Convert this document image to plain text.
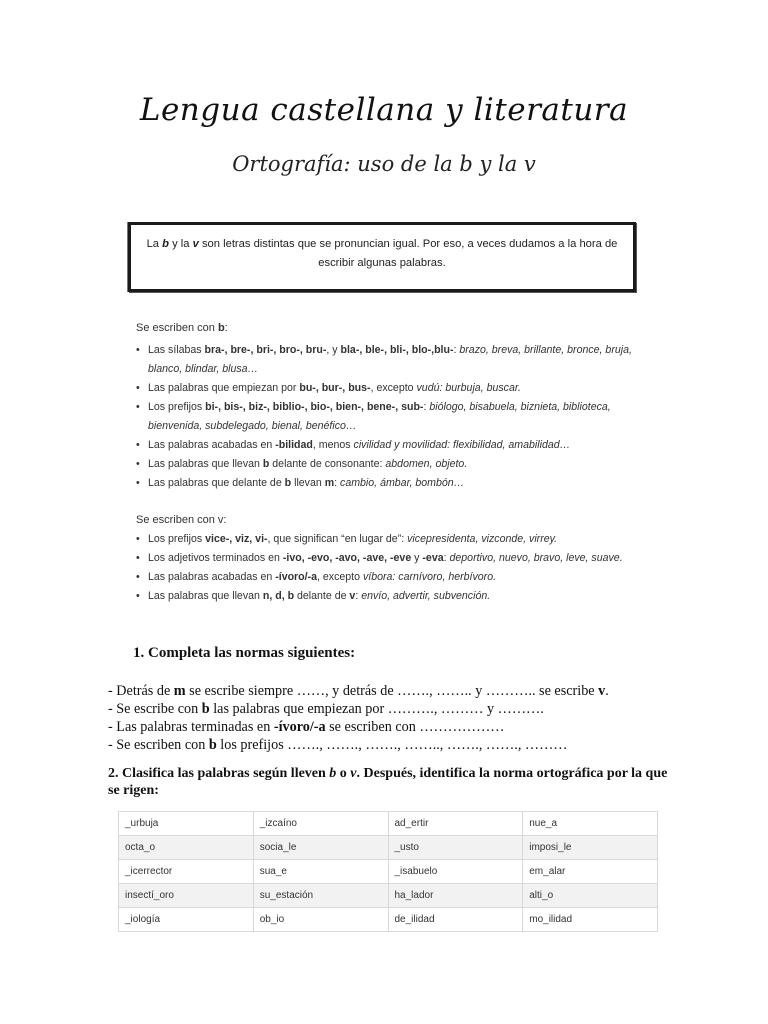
Lengua castellana y literatura
Ortografía: uso de la b y la v
La b y la v son letras distintas que se pronuncian igual. Por eso, a veces dudamos a la hora de escribir algunas palabras.
Se escriben con b:
• Las sílabas bra-, bre-, bri-, bro-, bru-, y bla-, ble-, bli-, blo-,blu-: brazo, breva, brillante, bronce, bruja, blanco, blindar, blusa…
• Las palabras que empiezan por bu-, bur-, bus-, excepto vudú: burbuja, buscar.
• Los prefijos bi-, bis-, biz-, biblio-, bio-, bien-, bene-, sub-: biólogo, bisabuela, biznieta, biblioteca, bienvenida, subdelegado, bienal, benéfico…
• Las palabras acabadas en -bilidad, menos civilidad y movilidad: flexibilidad, amabilidad…
• Las palabras que llevan b delante de consonante: abdomen, objeto.
• Las palabras que delante de b llevan m: cambio, ámbar, bombón…
Se escriben con v:
• Los prefijos vice-, viz, vi-, que significan “en lugar de”: vicepresidenta, vizconde, virrey.
• Los adjetivos terminados en -ivo, -evo, -avo, -ave, -eve y -eva: deportivo, nuevo, bravo, leve, suave.
• Las palabras acabadas en -ívoro/-a, excepto víbora: carnívoro, herbívoro.
• Las palabras que llevan n, d, b delante de v: envío, advertir, subvención.
1. Completa las normas siguientes:
- Detrás de m se escribe siempre ……, y detrás de ……., …….. y ……….. se escribe v.
- Se escribe con b las palabras que empiezan por ………., ……… y ……….
- Las palabras terminadas en -ívoro/-a se escriben con ………………
- Se escriben con b los prefijos ……., ……., ……., …….., ……., ……., ………
2. Clasifica las palabras según lleven b o v. Después, identifica la norma ortográfica por la que se rigen:
_urbuja	_izcaíno	ad_ertir	nue_a
octa_o	socia_le	_usto	imposi_le
_icerrector	sua_e	_isabuelo	em_alar
insectí_oro	su_estación	ha_lador	alti_o
_iología	ob_io	de_ilidad	mo_ilidad
